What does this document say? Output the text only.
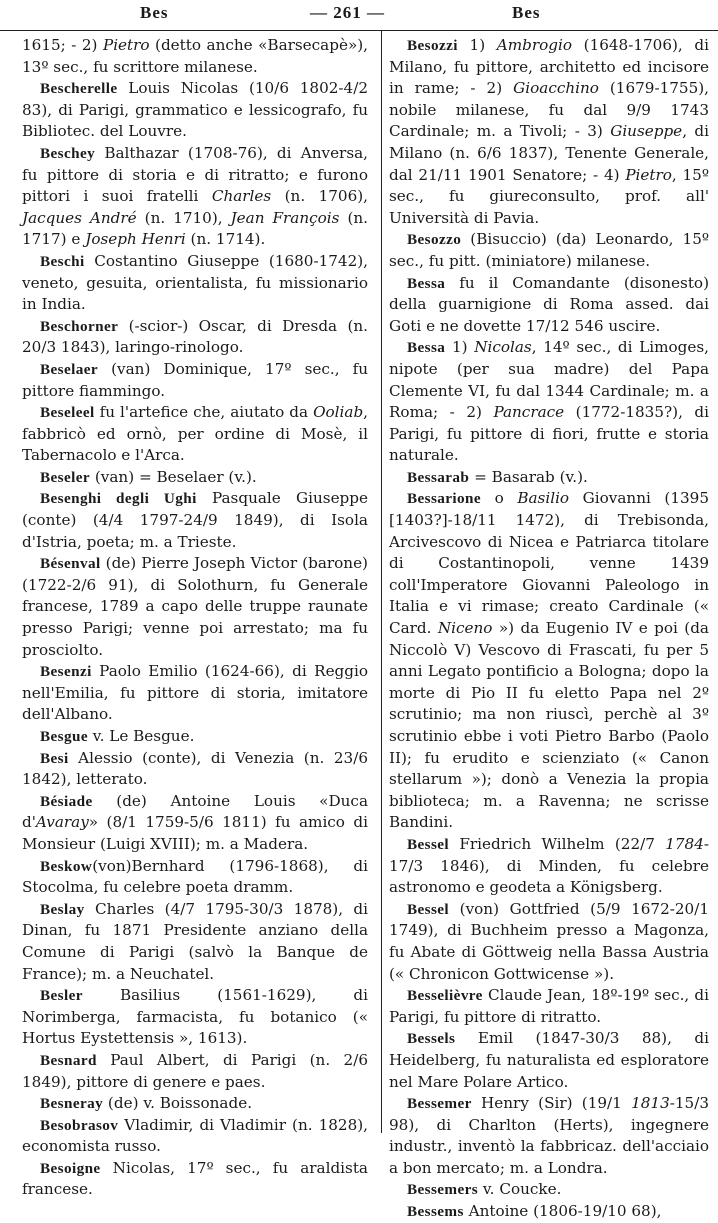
Bes	— 261 —	Bes

1615; - 2) Pietro (detto anche «Barsecapè»), 13º sec., fu scrittore milanese.

Bescherelle Louis Nicolas (10/6 1802-4/2 83), di Parigi, grammatico e lessicografo, fu Bibliotec. del Louvre.

Beschey Balthazar (1708-76), di Anversa, fu pittore di storia e di ritratto; e furono pittori i suoi fratelli Charles (n. 1706), Jacques André (n. 1710), Jean François (n. 1717) e Joseph Henri (n. 1714).

Beschi Costantino Giuseppe (1680-1742), veneto, gesuita, orientalista, fu missionario in India.

Beschorner (-scior-) Oscar, di Dresda (n. 20/3 1843), laringo-rinologo.

Beselaer (van) Dominique, 17º sec., fu pittore fiammingo.

Beseleel fu l'artefice che, aiutato da Ooliab, fabbricò ed ornò, per ordine di Mosè, il Tabernacolo e l'Arca.

Beseler (van) = Beselaer (v.).

Besenghi degli Ughi Pasquale Giuseppe (conte) (4/4 1797-24/9 1849), di Isola d'Istria, poeta; m. a Trieste.

Bésenval (de) Pierre Joseph Victor (barone) (1722-2/6 91), di Solothurn, fu Generale francese, 1789 a capo delle truppe raunate presso Parigi; venne poi arrestato; ma fu prosciolto.

Besenzi Paolo Emilio (1624-66), di Reggio nell'Emilia, fu pittore di storia, imitatore dell'Albano.

Besgue v. Le Besgue.

Besi Alessio (conte), di Venezia (n. 23/6 1842), letterato.

Bésiade (de) Antoine Louis «Duca d'Avaray» (8/1 1759-5/6 1811) fu amico di Monsieur (Luigi XVIII); m. a Madera.

Beskow(von)Bernhard (1796-1868), di Stocolma, fu celebre poeta dramm.

Beslay Charles (4/7 1795-30/3 1878), di Dinan, fu 1871 Presidente anziano della Comune di Parigi (salvò la Banque de France); m. a Neuchatel.

Besler Basilius (1561-1629), di Norimberga, farmacista, fu botanico (« Hortus Eystettensis », 1613).

Besnard Paul Albert, di Parigi (n. 2/6 1849), pittore di genere e paes.

Besneray (de) v. Boissonade.

Besobrasov Vladimir, di Vladimir (n. 1828), economista russo.

Besoigne Nicolas, 17º sec., fu araldista francese.

Besozzi 1) Ambrogio (1648-1706), di Milano, fu pittore, architetto ed incisore in rame; - 2) Gioacchino (1679-1755), nobile milanese, fu dal 9/9 1743 Cardinale; m. a Tivoli; - 3) Giuseppe, di Milano (n. 6/6 1837), Tenente Generale, dal 21/11 1901 Senatore; - 4) Pietro, 15º sec., fu giureconsulto, prof. all' Università di Pavia.

Besozzo (Bisuccio) (da) Leonardo, 15º sec., fu pitt. (miniatore) milanese.

Bessa fu il Comandante (disonesto) della guarnigione di Roma assed. dai Goti e ne dovette 17/12 546 uscire.

Bessa 1) Nicolas, 14º sec., di Limoges, nipote (per sua madre) del Papa Clemente VI, fu dal 1344 Cardinale; m. a Roma; - 2) Pancrace (1772-1835?), di Parigi, fu pittore di fiori, frutte e storia naturale.

Bessarab = Basarab (v.).

Bessarione o Basilio Giovanni (1395 [1403?]-18/11 1472), di Trebisonda, Arcivescovo di Nicea e Patriarca titolare di Costantinopoli, venne 1439 coll'Imperatore Giovanni Paleologo in Italia e vi rimase; creato Cardinale (« Card. Niceno ») da Eugenio IV e poi (da Niccolò V) Vescovo di Frascati, fu per 5 anni Legato pontificio a Bologna; dopo la morte di Pio II fu eletto Papa nel 2º scrutinio; ma non riuscì, perchè al 3º scrutinio ebbe i voti Pietro Barbo (Paolo II); fu erudito e scienziato (« Canon stellarum »); donò a Venezia la propia biblioteca; m. a Ravenna; ne scrisse Bandini.

Bessel Friedrich Wilhelm (22/7 1784-17/3 1846), di Minden, fu celebre astronomo e geodeta a Königsberg.

Bessel (von) Gottfried (5/9 1672-20/1 1749), di Buchheim presso a Magonza, fu Abate di Göttweig nella Bassa Austria (« Chronicon Gottwicense »).

Besselièvre Claude Jean, 18º-19º sec., di Parigi, fu pittore di ritratto.

Bessels Emil (1847-30/3 88), di Heidelberg, fu naturalista ed esploratore nel Mare Polare Artico.

Bessemer Henry (Sir) (19/1 1813-15/3 98), di Charlton (Herts), ingegnere industr., inventò la fabbricaz. dell'acciaio a bon mercato; m. a Londra.

Bessemers v. Coucke.

Bessems Antoine (1806-19/10 68),
